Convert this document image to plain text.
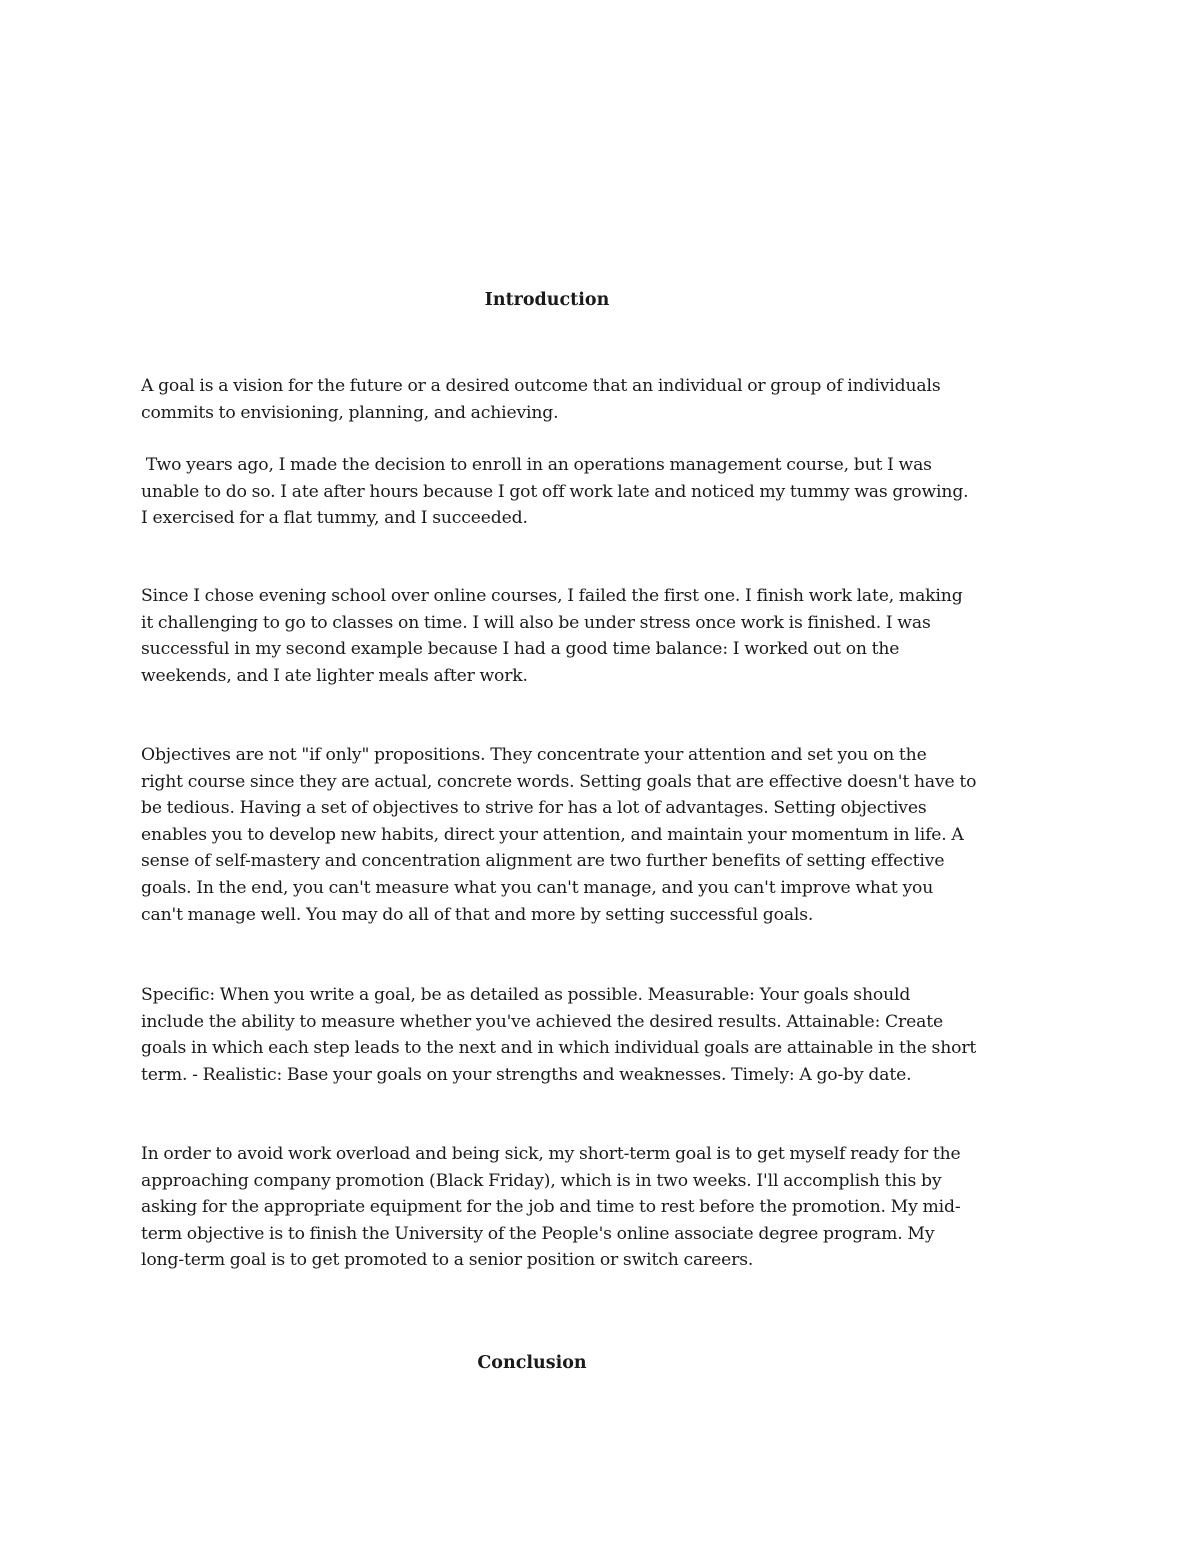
Introduction

A goal is a vision for the future or a desired outcome that an individual or group of individuals
commits to envisioning, planning, and achieving.

Two years ago, I made the decision to enroll in an operations management course, but I was
unable to do so. I ate after hours because I got off work late and noticed my tummy was growing.
I exercised for a flat tummy, and I succeeded.

Since I chose evening school over online courses, I failed the first one. I finish work late, making
it challenging to go to classes on time. I will also be under stress once work is finished. I was
successful in my second example because I had a good time balance: I worked out on the
weekends, and I ate lighter meals after work.

Objectives are not "if only" propositions. They concentrate your attention and set you on the
right course since they are actual, concrete words. Setting goals that are effective doesn't have to
be tedious. Having a set of objectives to strive for has a lot of advantages. Setting objectives
enables you to develop new habits, direct your attention, and maintain your momentum in life. A
sense of self-mastery and concentration alignment are two further benefits of setting effective
goals. In the end, you can't measure what you can't manage, and you can't improve what you
can't manage well. You may do all of that and more by setting successful goals.

Specific: When you write a goal, be as detailed as possible. Measurable: Your goals should
include the ability to measure whether you've achieved the desired results. Attainable: Create
goals in which each step leads to the next and in which individual goals are attainable in the short
term. - Realistic: Base your goals on your strengths and weaknesses. Timely: A go-by date.

In order to avoid work overload and being sick, my short-term goal is to get myself ready for the
approaching company promotion (Black Friday), which is in two weeks. I'll accomplish this by
asking for the appropriate equipment for the job and time to rest before the promotion. My mid-
term objective is to finish the University of the People's online associate degree program. My
long-term goal is to get promoted to a senior position or switch careers.

Conclusion
